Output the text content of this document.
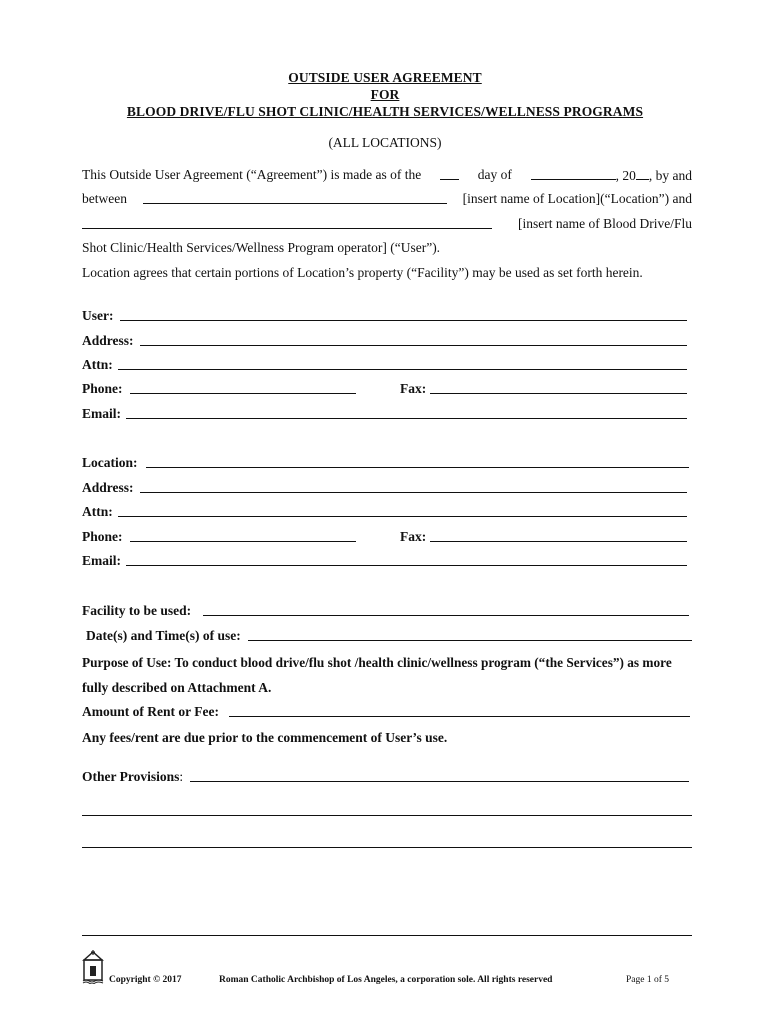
OUTSIDE USER AGREEMENT
FOR
BLOOD DRIVE/FLU SHOT CLINIC/HEALTH SERVICES/WELLNESS PROGRAMS
(ALL LOCATIONS)
This Outside User Agreement (“Agreement”) is made as of the	day of	, 20 , by and
between	[insert name of Location](“Location”) and
[insert name of Blood Drive/Flu
Shot Clinic/Health Services/Wellness Program operator] (“User”).
Location agrees that certain portions of Location’s property (“Facility”) may be used as set forth herein.
User:
Address:
Attn:
Phone:	Fax:
Email:
Location:
Address:
Attn:
Phone:	Fax:
Email:
Facility to be used:
Date(s) and Time(s) of use:
Purpose of Use: To conduct blood drive/flu shot /health clinic/wellness program (“the Services”) as more
fully described on Attachment A.
Amount of Rent or Fee:
Any fees/rent are due prior to the commencement of User’s use.
Other Provisions:
Copyright © 2017	Roman Catholic Archbishop of Los Angeles, a corporation sole. All rights reserved	Page 1 of 5
